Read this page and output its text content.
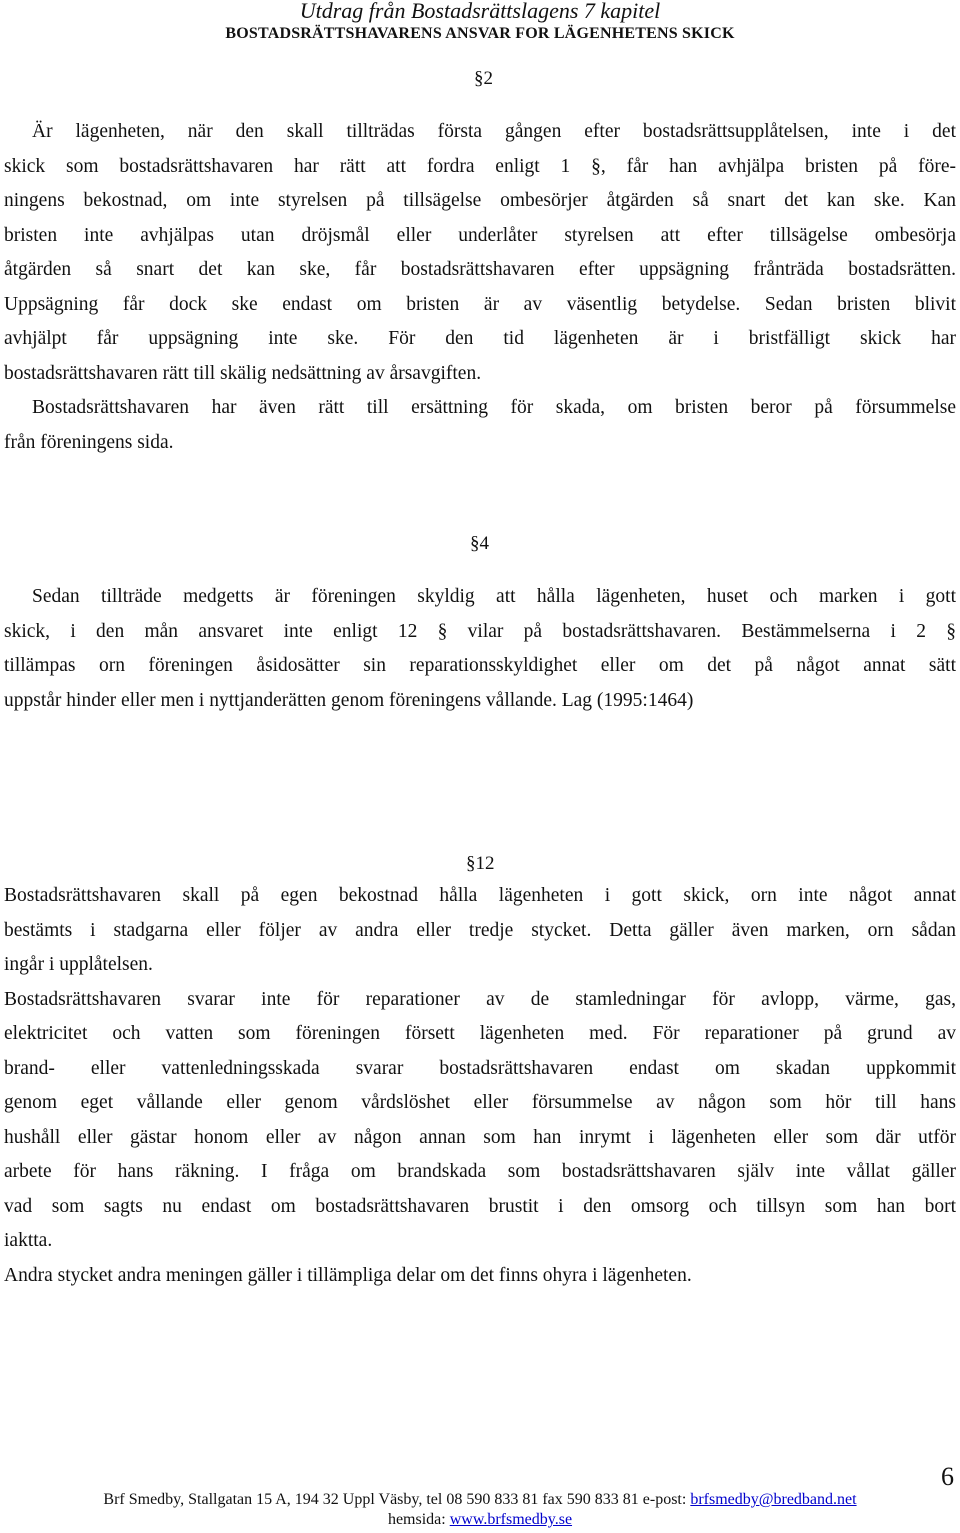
Utdrag från Bostadsrättslagens 7 kapitel
BOSTADSRÄTTSHAVARENS ANSVAR FOR LÄGENHETENS SKICK
§2
Är lägenheten, när den skall tillträdas första gången efter bostadsrättsupplåtelsen, inte i det
skick som bostadsrättshavaren har rätt att fordra enligt 1 §, får han avhjälpa bristen på före-
ningens bekostnad, om inte styrelsen på tillsägelse ombesörjer åtgärden så snart det kan ske. Kan
bristen inte avhjälpas utan dröjsmål eller underlåter styrelsen att efter tillsägelse ombesörja
åtgärden så snart det kan ske, får bostadsrättshavaren efter uppsägning frånträda bostadsrätten.
Uppsägning får dock ske endast om bristen är av väsentlig betydelse. Sedan bristen blivit
avhjälpt får uppsägning inte ske. För den tid lägenheten är i bristfälligt skick har
bostadsrättshavaren rätt till skälig nedsättning av årsavgiften.
Bostadsrättshavaren har även rätt till ersättning för skada, om bristen beror på försummelse
från föreningens sida.
§4
Sedan tillträde medgetts är föreningen skyldig att hålla lägenheten, huset och marken i gott
skick, i den mån ansvaret inte enligt 12 § vilar på bostadsrättshavaren. Bestämmelserna i 2 §
tillämpas orn föreningen åsidosätter sin reparationsskyldighet eller om det på något annat sätt
uppstår hinder eller men i nyttjanderätten genom föreningens vållande. Lag (1995:1464)
§12
Bostadsrättshavaren skall på egen bekostnad hålla lägenheten i gott skick, orn inte något annat
bestämts i stadgarna eller följer av andra eller tredje stycket. Detta gäller även marken, orn sådan
ingår i upplåtelsen.
Bostadsrättshavaren svarar inte för reparationer av de stamledningar för avlopp, värme, gas,
elektricitet och vatten som föreningen försett lägenheten med. För reparationer på grund av
brand- eller vattenledningsskada svarar bostadsrättshavaren endast om skadan uppkommit
genom eget vållande eller genom vårdslöshet eller försummelse av någon som hör till hans
hushåll eller gästar honom eller av någon annan som han inrymt i lägenheten eller som där utför
arbete för hans räkning. I fråga om brandskada som bostadsrättshavaren själv inte vållat gäller
vad som sagts nu endast om bostadsrättshavaren brustit i den omsorg och tillsyn som han bort
iaktta.
Andra stycket andra meningen gäller i tillämpliga delar om det finns ohyra i lägenheten.
6
Brf Smedby, Stallgatan 15 A, 194 32 Uppl Väsby, tel 08 590 833 81 fax 590 833 81 e-post: brfsmedby@bredband.net
hemsida: www.brfsmedby.se
